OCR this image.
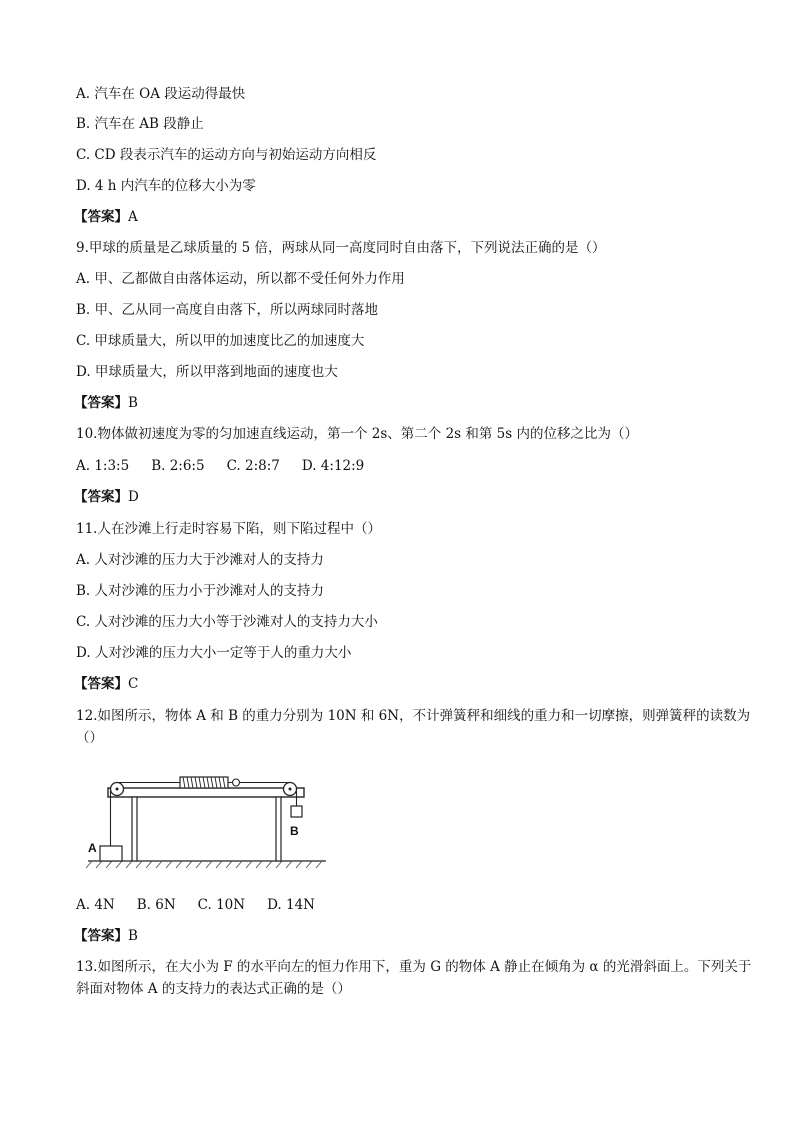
A. 汽车在 OA 段运动得最快
B. 汽车在 AB 段静止
C. CD 段表示汽车的运动方向与初始运动方向相反
D. 4 h 内汽车的位移大小为零
【答案】A
9.甲球的质量是乙球质量的 5 倍，两球从同一高度同时自由落下，下列说法正确的是（）
A. 甲、乙都做自由落体运动，所以都不受任何外力作用
B. 甲、乙从同一高度自由落下，所以两球同时落地
C. 甲球质量大，所以甲的加速度比乙的加速度大
D. 甲球质量大，所以甲落到地面的速度也大
【答案】B
10.物体做初速度为零的匀加速直线运动，第一个 2s、第二个 2s 和第 5s 内的位移之比为（）
A. 1:3:5 B. 2:6:5 C. 2:8:7 D. 4:12:9
【答案】D
11.人在沙滩上行走时容易下陷，则下陷过程中（）
A. 人对沙滩的压力大于沙滩对人的支持力
B. 人对沙滩的压力小于沙滩对人的支持力
C. 人对沙滩的压力大小等于沙滩对人的支持力大小
D. 人对沙滩的压力大小一定等于人的重力大小
【答案】C
12.如图所示，物体 A 和 B 的重力分别为 10N 和 6N，不计弹簧秤和细线的重力和一切摩擦，则弹簧秤的读数为（）
A
B
A. 4N B. 6N C. 10N D. 14N
【答案】B
13.如图所示，在大小为 F 的水平向左的恒力作用下，重为 G 的物体 A 静止在倾角为 α 的光滑斜面上。下列关于斜面对物体 A 的支持力的表达式正确的是（）
